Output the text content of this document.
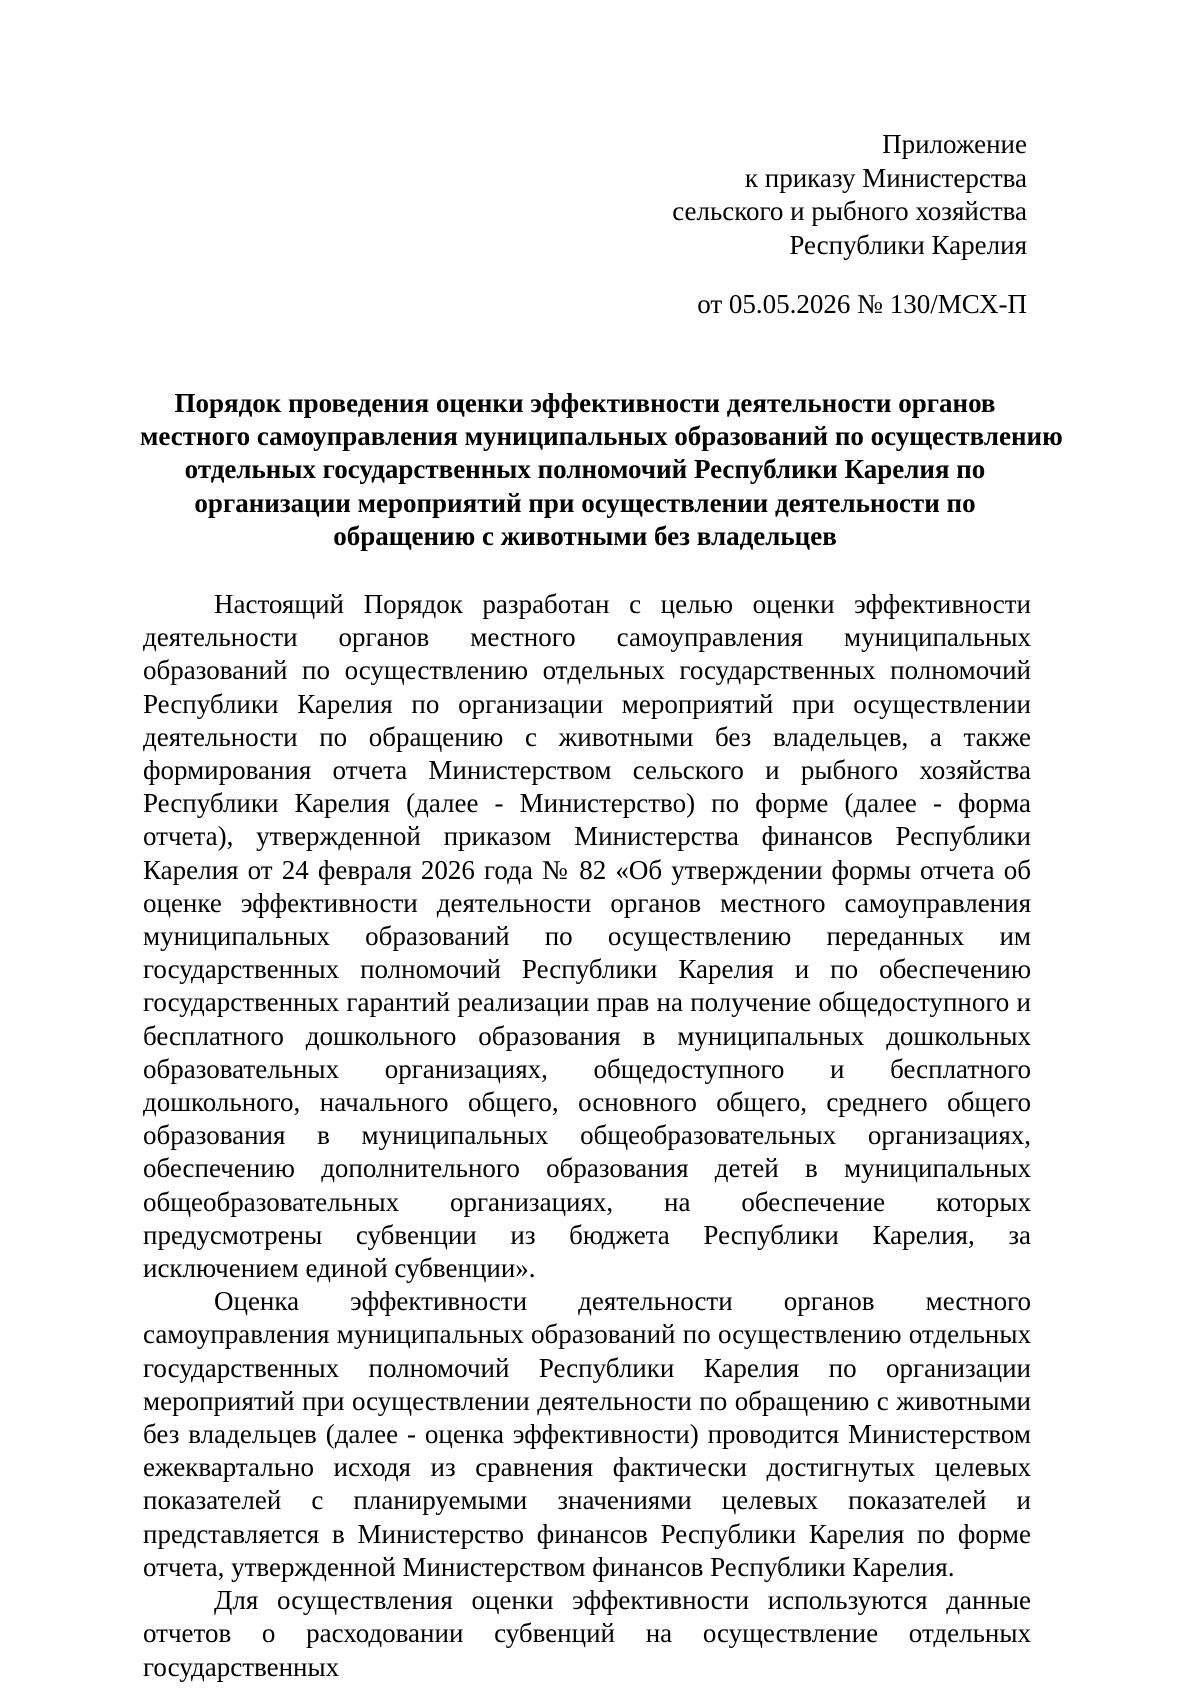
Приложение
к приказу Министерства
сельского и рыбного хозяйства
Республики Карелия
от 05.05.2026 № 130/МСХ-П
Порядок проведения оценки эффективности деятельности органов
местного самоуправления муниципальных образований по осуществлению
отдельных государственных полномочий Республики Карелия по
организации мероприятий при осуществлении деятельности по
обращению с животными без владельцев

Настоящий Порядок разработан с целью оценки эффективности деятельности органов местного самоуправления муниципальных образований по осуществлению отдельных государственных полномочий Республики Карелия по организации мероприятий при осуществлении деятельности по обращению с животными без владельцев, а также формирования отчета Министерством сельского и рыбного хозяйства Республики Карелия (далее - Министерство) по форме (далее - форма отчета), утвержденной приказом Министерства финансов Республики Карелия от 24 февраля 2026 года № 82 «Об утверждении формы отчета об оценке эффективности деятельности органов местного самоуправления муниципальных образований по осуществлению переданных им государственных полномочий Республики Карелия и по обеспечению государственных гарантий реализации прав на получение общедоступного и бесплатного дошкольного образования в муниципальных дошкольных образовательных организациях, общедоступного и бесплатного дошкольного, начального общего, основного общего, среднего общего образования в муниципальных общеобразовательных организациях, обеспечению дополнительного образования детей в муниципальных общеобразовательных организациях, на обеспечение которых предусмотрены субвенции из бюджета Республики Карелия, за исключением единой субвенции».

Оценка эффективности деятельности органов местного самоуправления муниципальных образований по осуществлению отдельных государственных полномочий Республики Карелия по организации мероприятий при осуществлении деятельности по обращению с животными без владельцев (далее - оценка эффективности) проводится Министерством ежеквартально исходя из сравнения фактически достигнутых целевых показателей с планируемыми значениями целевых показателей и представляется в Министерство финансов Республики Карелия по форме отчета, утвержденной Министерством финансов Республики Карелия.

Для осуществления оценки эффективности используются данные отчетов о расходовании субвенций на осуществление отдельных государственных
